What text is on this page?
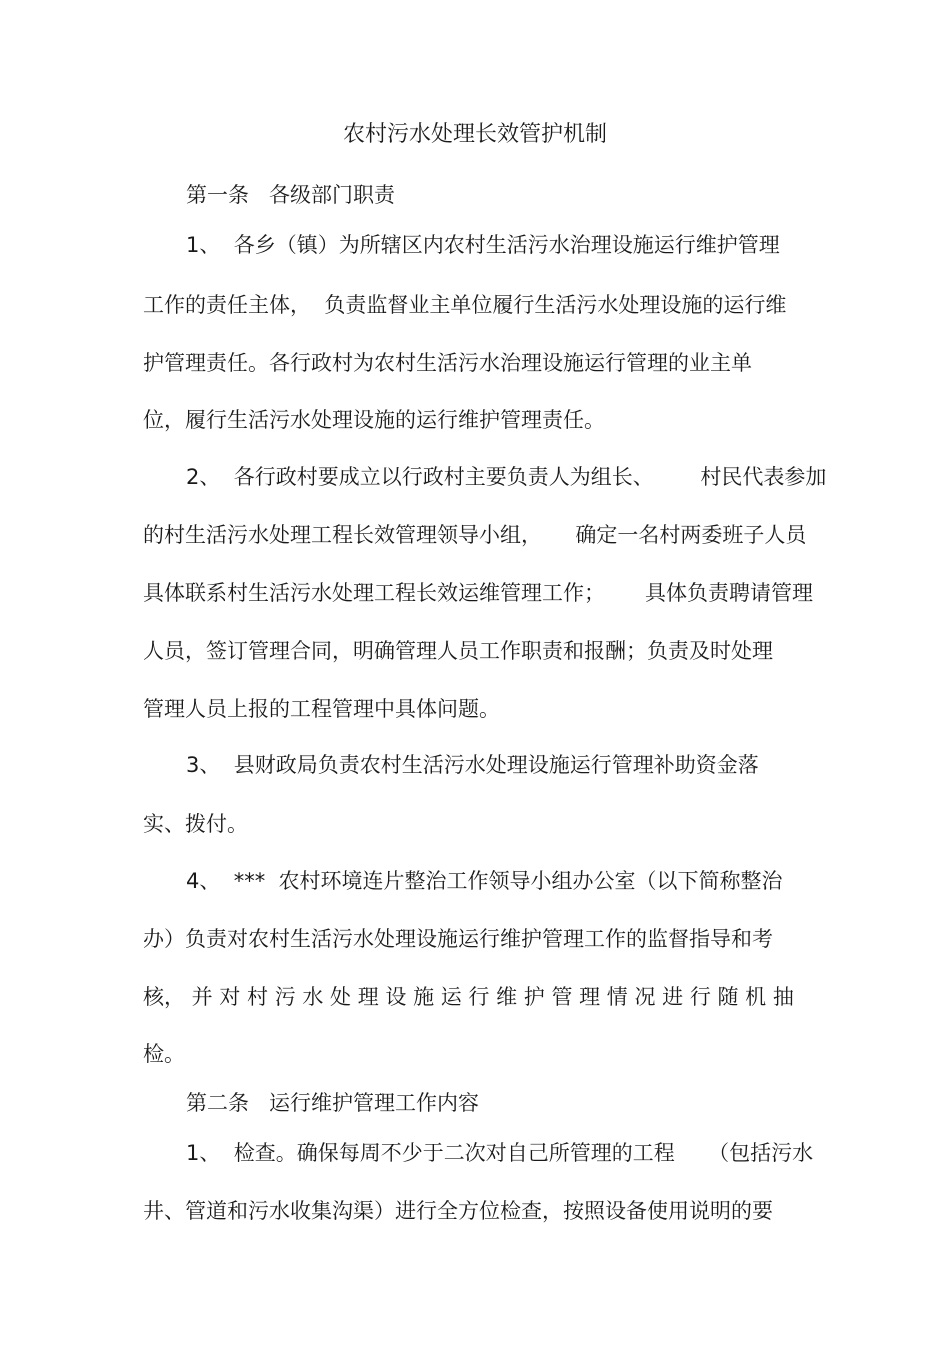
农村污水处理长效管护机制
第一条   各级部门职责
1、  各乡（镇）为所辖区内农村生活污水治理设施运行维护管理
工作的责任主体，  负责监督业主单位履行生活污水处理设施的运行维
护管理责任。各行政村为农村生活污水治理设施运行管理的业主单
位，履行生活污水处理设施的运行维护管理责任。
2、  各行政村要成立以行政村主要负责人为组长、       村民代表参加
的村生活污水处理工程长效管理领导小组，     确定一名村两委班子人员
具体联系村生活污水处理工程长效运维管理工作；      具体负责聘请管理
人员，签订管理合同，明确管理人员工作职责和报酬；负责及时处理
管理人员上报的工程管理中具体问题。
3、  县财政局负责农村生活污水处理设施运行管理补助资金落
实、拨付。
4、  ***  农村环境连片整治工作领导小组办公室（以下简称整治
办）负责对农村生活污水处理设施运行维护管理工作的监督指导和考
核， 并 对 村 污 水 处 理 设 施 运 行 维 护 管 理 情 况 进 行 随 机 抽
检。
第二条   运行维护管理工作内容
1、  检查。确保每周不少于二次对自己所管理的工程     （包括污水
井、管道和污水收集沟渠）进行全方位检查，按照设备使用说明的要
